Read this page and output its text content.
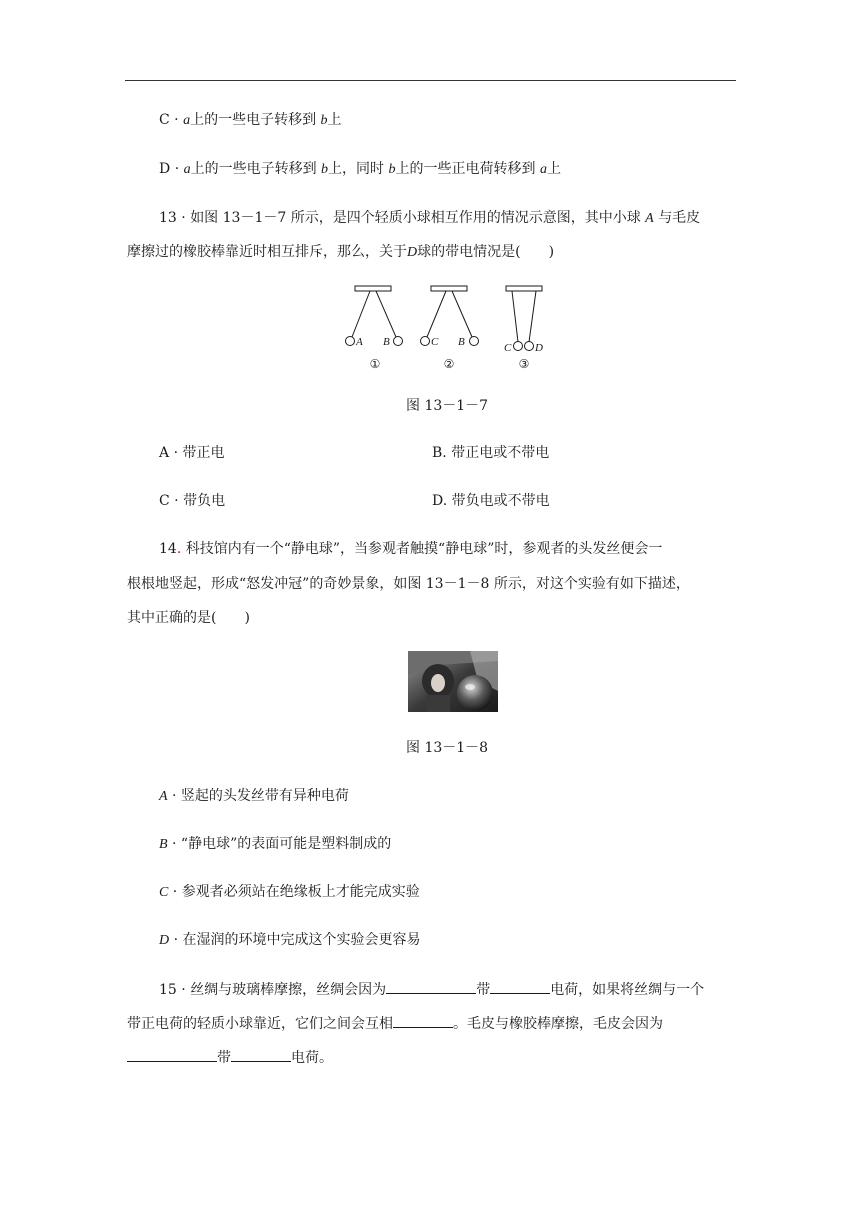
C · a上的一些电子转移到 b上
D · a上的一些电子转移到 b上，同时 b上的一些正电荷转移到 a上
13 · 如图 13－1－7 所示，是四个轻质小球相互作用的情况示意图，其中小球 A 与毛皮
摩擦过的橡胶棒靠近时相互排斥，那么，关于D球的带电情况是(　　)
A B	C B	C D
①	②	③
图 13－1－7
A · 带正电	B. 带正电或不带电
C · 带负电	D. 带负电或不带电
14. 科技馆内有一个“静电球”，当参观者触摸“静电球”时，参观者的头发丝便会一
根根地竖起，形成“怒发冲冠”的奇妙景象，如图 13－1－8 所示，对这个实验有如下描述，
其中正确的是(　　)
图 13－1－8
A · 竖起的头发丝带有异种电荷
B · “静电球”的表面可能是塑料制成的
C · 参观者必须站在绝缘板上才能完成实验
D · 在湿润的环境中完成这个实验会更容易
15 · 丝绸与玻璃棒摩擦，丝绸会因为	带	电荷，如果将丝绸与一个
带正电荷的轻质小球靠近，它们之间会互相	。毛皮与橡胶棒摩擦，毛皮会因为
带	电荷。
